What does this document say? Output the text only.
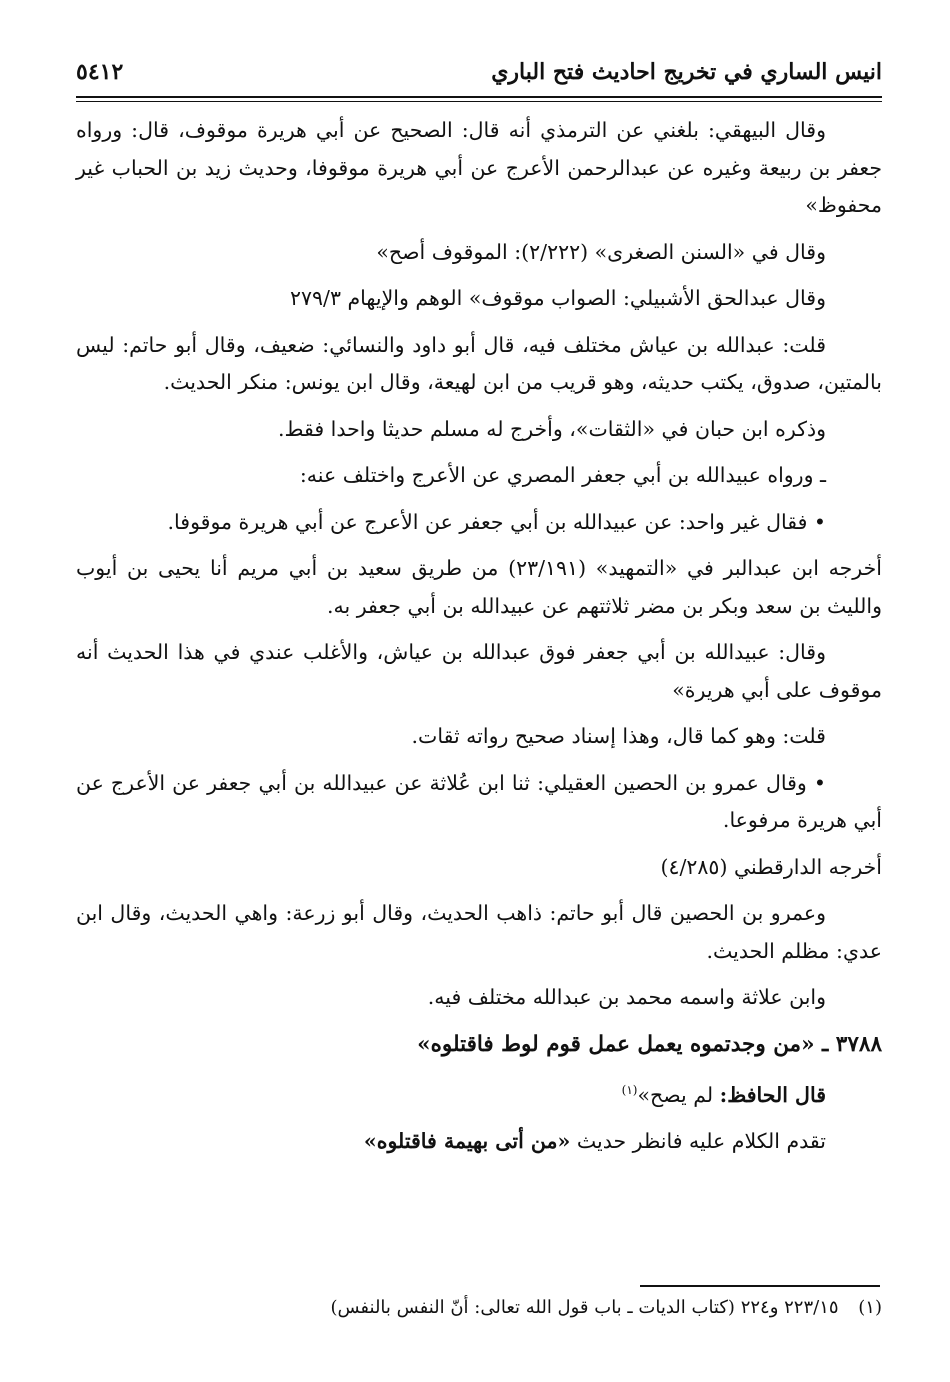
٥٤١٢	انيس الساري في تخريج احاديث فتح الباري

وقال البيهقي: بلغني عن الترمذي أنه قال: الصحيح عن أبي هريرة موقوف، قال: ورواه جعفر بن ربيعة وغيره عن عبدالرحمن الأعرج عن أبي هريرة موقوفا، وحديث زيد بن الحباب غير محفوظ»

وقال في «السنن الصغرى» (٢/٢٢٢): الموقوف أصح»

وقال عبدالحق الأشبيلي: الصواب موقوف» الوهم والإيهام ٢٧٩/٣

قلت: عبدالله بن عياش مختلف فيه، قال أبو داود والنسائي: ضعيف، وقال أبو حاتم: ليس بالمتين، صدوق، يكتب حديثه، وهو قريب من ابن لهيعة، وقال ابن يونس: منكر الحديث.

وذكره ابن حبان في «الثقات»، وأخرج له مسلم حديثا واحدا فقط.

ـ ورواه عبيدالله بن أبي جعفر المصري عن الأعرج واختلف عنه:

• فقال غير واحد: عن عبيدالله بن أبي جعفر عن الأعرج عن أبي هريرة موقوفا.

أخرجه ابن عبدالبر في «التمهيد» (٢٣/١٩١) من طريق سعيد بن أبي مريم أنا يحيى بن أيوب والليث بن سعد وبكر بن مضر ثلاثتهم عن عبيدالله بن أبي جعفر به.

وقال: عبيدالله بن أبي جعفر فوق عبدالله بن عياش، والأغلب عندي في هذا الحديث أنه موقوف على أبي هريرة»

قلت: وهو كما قال، وهذا إسناد صحيح رواته ثقات.

• وقال عمرو بن الحصين العقيلي: ثنا ابن عُلاثة عن عبيدالله بن أبي جعفر عن الأعرج عن أبي هريرة مرفوعا.

أخرجه الدارقطني (٤/٢٨٥)

وعمرو بن الحصين قال أبو حاتم: ذاهب الحديث، وقال أبو زرعة: واهي الحديث، وقال ابن عدي: مظلم الحديث.

وابن علاثة واسمه محمد بن عبدالله مختلف فيه.

٣٧٨٨ ـ «من وجدتموه يعمل عمل قوم لوط فاقتلوه»

قال الحافظ: لم يصح»$^{(١)}$

تقدم الكلام عليه فانظر حديث «من أتى بهيمة فاقتلوه»

(١) ٢٢٣/١٥ و٢٢٤ (كتاب الديات ـ باب قول الله تعالى: أنّ النفس بالنفس)
